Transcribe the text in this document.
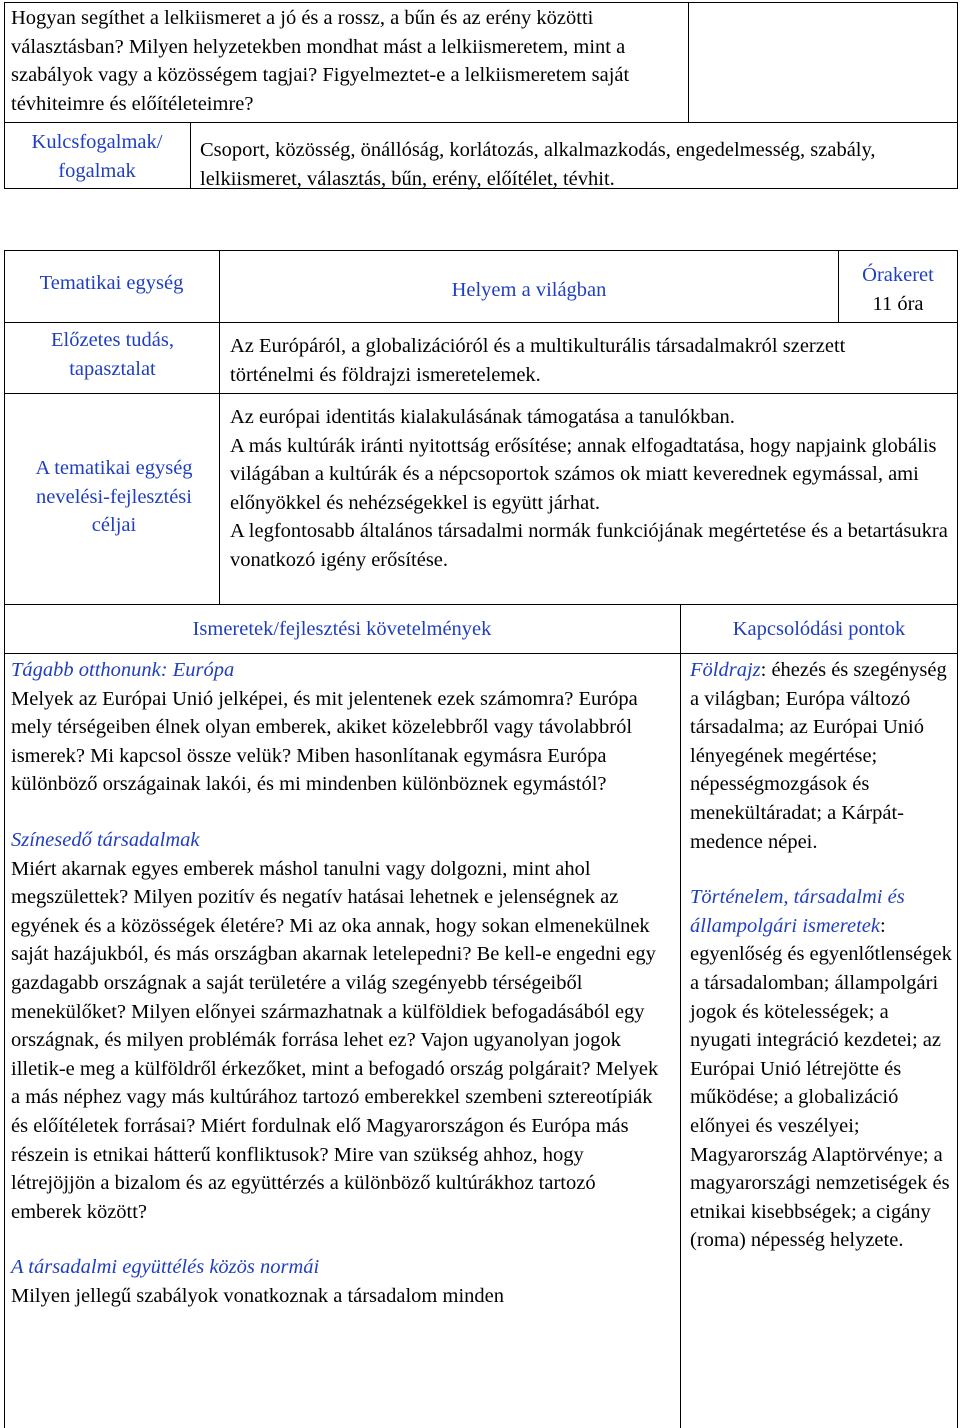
Hogyan segíthet a lelkiismeret a jó és a rossz, a bűn és az erény közötti választásban? Milyen helyzetekben mondhat mást a lelkiismeretem, mint a szabályok vagy a közösségem tagjai? Figyelmeztet-e a lelkiismeretem saját tévhiteimre és előítéleteimre?
Kulcsfogalmak/
fogalmak
Csoport, közösség, önállóság, korlátozás, alkalmazkodás, engedelmesség, szabály, lelkiismeret, választás, bűn, erény, előítélet, tévhit.
Tematikai egység	Helyem a világban
Órakeret
11 óra
Előzetes tudás, tapasztalat
Az Európáról, a globalizációról és a multikulturális társadalmakról szerzett történelmi és földrajzi ismeretelemek.
A tematikai egység nevelési-fejlesztési céljai

Az európai identitás kialakulásának támogatása a tanulókban.

A más kultúrák iránti nyitottság erősítése; annak elfogadtatása, hogy napjaink globális világában a kultúrák és a népcsoportok számos ok miatt keverednek egymással, ami előnyökkel és nehézségekkel is együtt járhat.

A legfontosabb általános társadalmi normák funkciójának megértetése és a betartásukra vonatkozó igény erősítése.

Ismeretek/fejlesztési követelmények	Kapcsolódási pontok
Tágabb otthonunk: Európa
Melyek az Európai Unió jelképei, és mit jelentenek ezek számomra? Európa mely térségeiben élnek olyan emberek, akiket közelebbről vagy távolabbról ismerek? Mi kapcsol össze velük? Miben hasonlítanak egymásra Európa különböző országainak lakói, és mi mindenben különböznek egymástól?
Színesedő társadalmak
Miért akarnak egyes emberek máshol tanulni vagy dolgozni, mint ahol megszülettek? Milyen pozitív és negatív hatásai lehetnek e jelenségnek az egyének és a közösségek életére? Mi az oka annak, hogy sokan elmenekülnek saját hazájukból, és más országban akarnak letelepedni? Be kell-e engedni egy gazdagabb országnak a saját területére a világ szegényebb térségeiből menekülőket? Milyen előnyei származhatnak a külföldiek befogadásából egy országnak, és milyen problémák forrása lehet ez? Vajon ugyanolyan jogok illetik-e meg a külföldről érkezőket, mint a befogadó ország polgárait? Melyek a más néphez vagy más kultúrához tartozó emberekkel szembeni sztereotípiák és előítéletek forrásai? Miért fordulnak elő Magyarországon és Európa más részein is etnikai hátterű konfliktusok? Mire van szükség ahhoz, hogy létrejöjjön a bizalom és az együttérzés a különböző kultúrákhoz tartozó emberek között?
A társadalmi együttélés közös normái
Milyen jellegű szabályok vonatkoznak a társadalom minden
Földrajz: éhezés és szegénység a világban; Európa változó társadalma; az Európai Unió lényegének megértése; népességmozgások és menekültáradat; a Kárpát-medence népei.
Történelem, társadalmi és állampolgári ismeretek: egyenlőség és egyenlőtlenségek a társadalomban; állampolgári jogok és kötelességek; a nyugati integráció kezdetei; az Európai Unió létrejötte és működése; a globalizáció előnyei és veszélyei; Magyarország Alaptörvénye; a magyarországi nemzetiségek és etnikai kisebbségek; a cigány (roma) népesség helyzete.
